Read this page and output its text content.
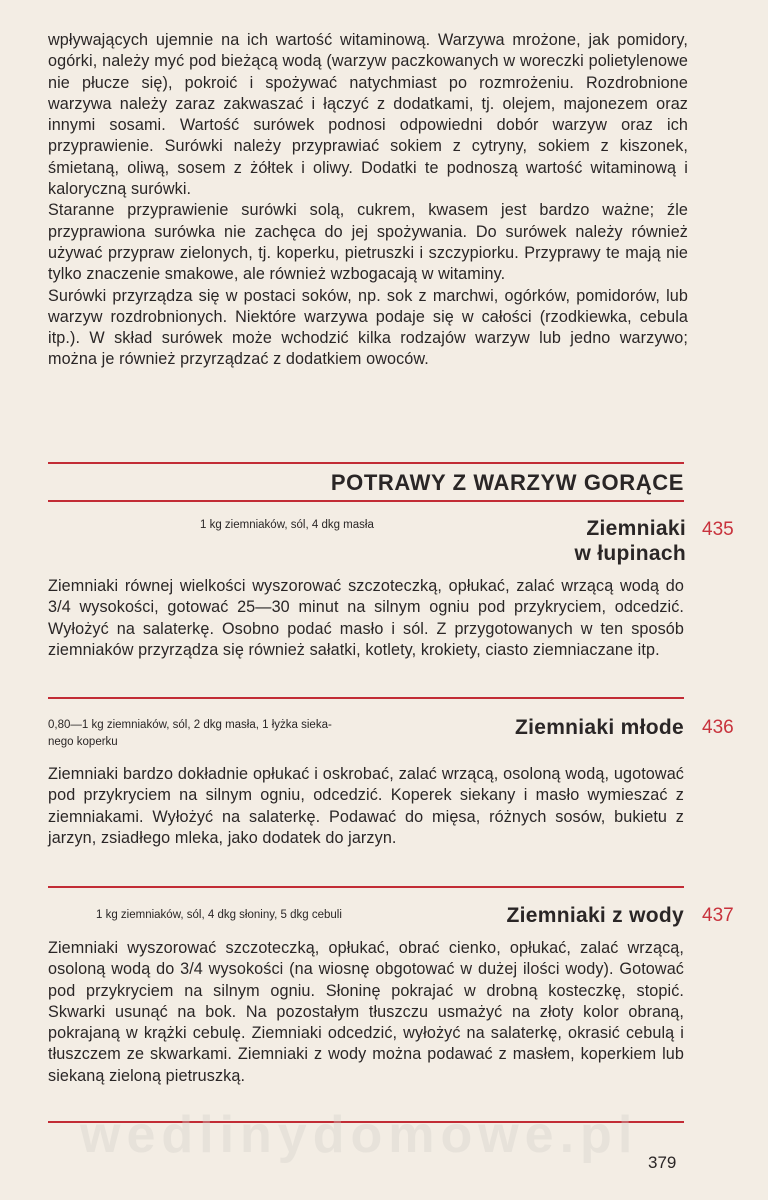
wpływających ujemnie na ich wartość witaminową. Warzywa mrożone, jak pomidory, ogórki, należy myć pod bieżącą wodą (warzyw paczkowanych w woreczki polietylenowe nie płucze się), pokroić i spożywać natychmiast po rozmrożeniu. Rozdrobnione warzywa należy zaraz zakwaszać i łączyć z dodatkami, tj. olejem, majonezem oraz innymi sosami. Wartość surówek podnosi odpowiedni dobór warzyw oraz ich przyprawienie. Surówki należy przyprawiać sokiem z cytryny, sokiem z kiszonek, śmietaną, oliwą, sosem z żółtek i oliwy. Dodatki te podnoszą wartość witaminową i kaloryczną surówki.

Staranne przyprawienie surówki solą, cukrem, kwasem jest bardzo ważne; źle przyprawiona surówka nie zachęca do jej spożywania. Do surówek należy również używać przypraw zielonych, tj. koperku, pietruszki i szczypiorku. Przyprawy te mają nie tylko znaczenie smakowe, ale również wzbogacają w witaminy.

Surówki przyrządza się w postaci soków, np. sok z marchwi, ogórków, pomidorów, lub warzyw rozdrobnionych. Niektóre warzywa podaje się w całości (rzodkiewka, cebula itp.). W skład surówek może wchodzić kilka rodzajów warzyw lub jedno warzywo; można je również przyrządzać z dodatkiem owoców.

POTRAWY Z WARZYW GORĄCE
1 kg ziemniaków, sól, 4 dkg masła	Ziemniaki
w łupinach
435
Ziemniaki równej wielkości wyszorować szczoteczką, opłukać, zalać wrzącą wodą do 3/4 wysokości, gotować 25—30 minut na silnym ogniu pod przykryciem, odcedzić. Wyłożyć na salaterkę. Osobno podać masło i sól. Z przygotowanych w ten sposób ziemniaków przyrządza się również sałatki, kotlety, krokiety, ciasto ziemniaczane itp.
0,80—1 kg ziemniaków, sól, 2 dkg masła, 1 łyżka sieka-
nego koperku
Ziemniaki młode 436
Ziemniaki bardzo dokładnie opłukać i oskrobać, zalać wrzącą, osoloną wodą, ugotować pod przykryciem na silnym ogniu, odcedzić. Koperek siekany i masło wymieszać z ziemniakami. Wyłożyć na salaterkę. Podawać do mięsa, różnych sosów, bukietu z jarzyn, zsiadłego mleka, jako dodatek do jarzyn.
1 kg ziemniaków, sól, 4 dkg słoniny, 5 dkg cebuli	Ziemniaki z wody 437
Ziemniaki wyszorować szczoteczką, opłukać, obrać cienko, opłukać, zalać wrzącą, osoloną wodą do 3/4 wysokości (na wiosnę obgotować w dużej ilości wody). Gotować pod przykryciem na silnym ogniu. Słoninę pokrajać w drobną kosteczkę, stopić. Skwarki usunąć na bok. Na pozostałym tłuszczu usmażyć na złoty kolor obraną, pokrajaną w krążki cebulę. Ziemniaki odcedzić, wyłożyć na salaterkę, okrasić cebulą i tłuszczem ze skwarkami. Ziemniaki z wody można podawać z masłem, koperkiem lub siekaną zieloną pietruszką.
wedlinydomowe.pl 379
